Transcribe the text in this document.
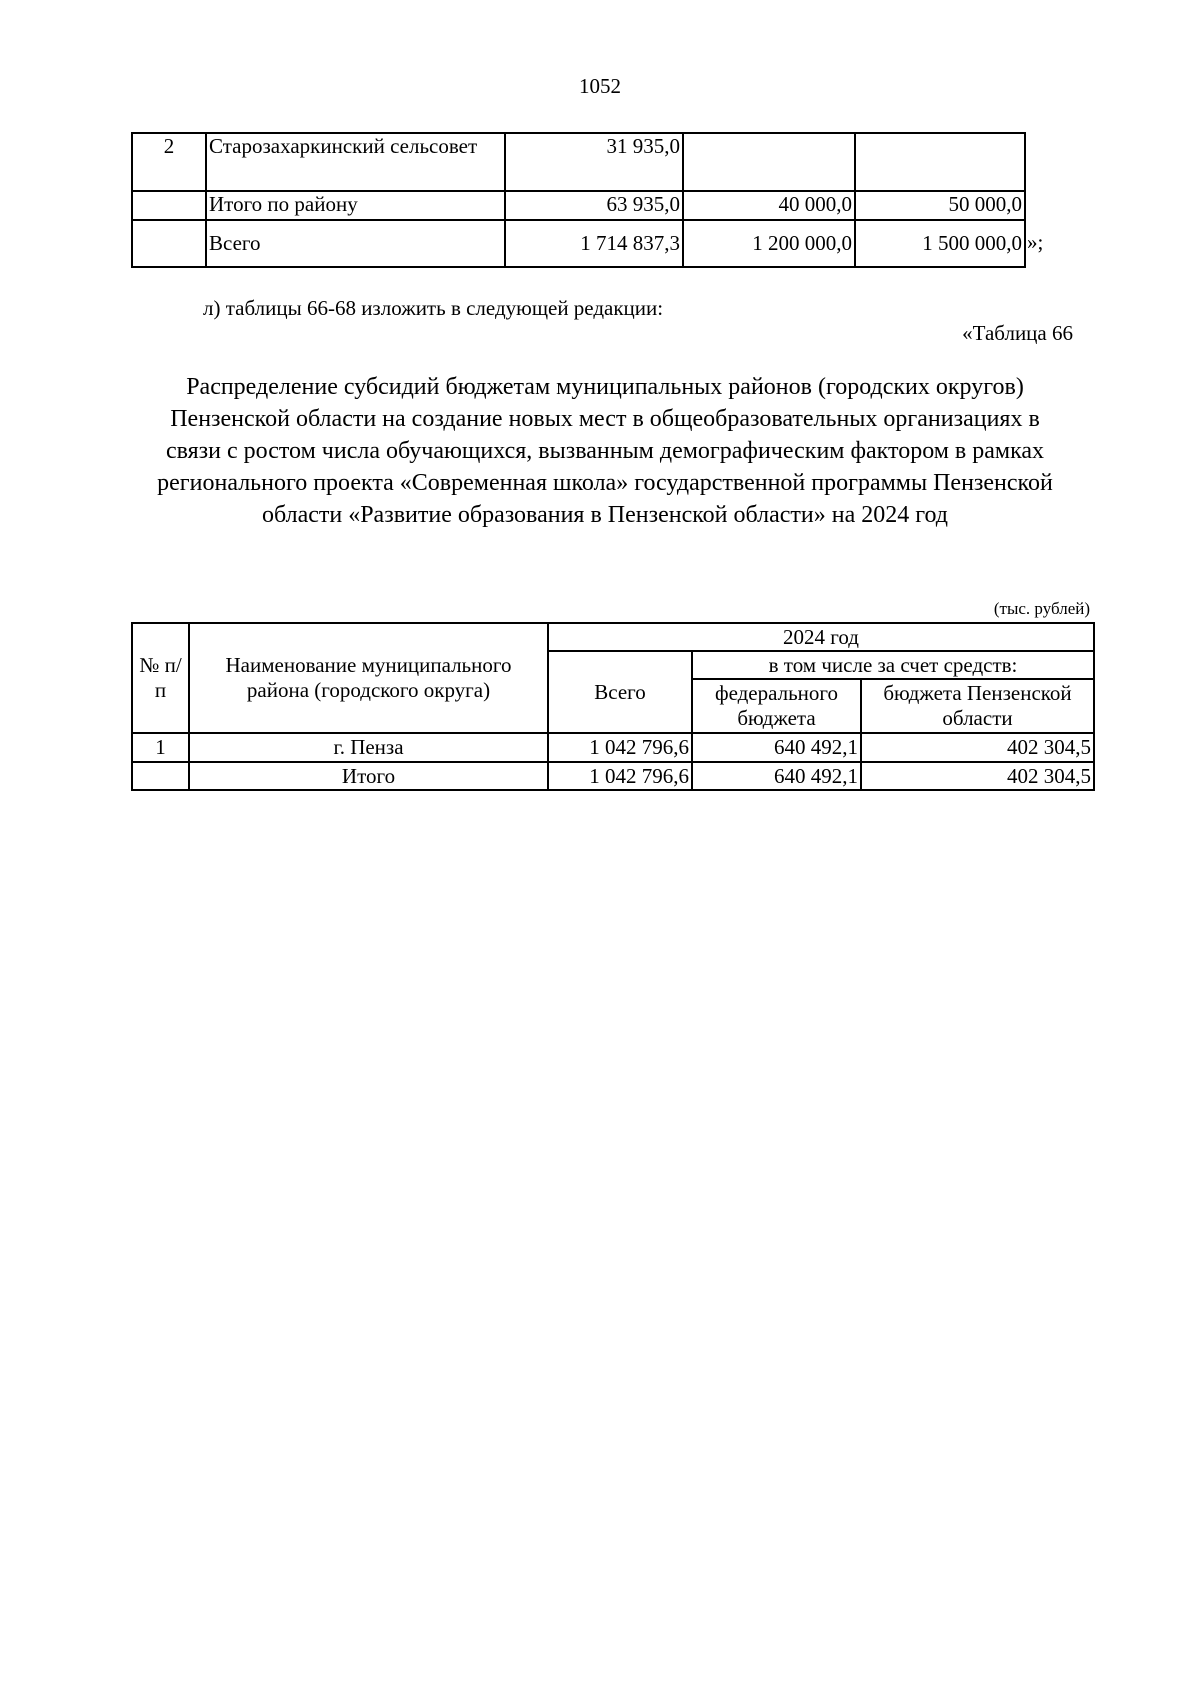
1052
2	Старозахаркинский сельсовет	31 935,0		
	Итого по району	63 935,0	40 000,0	50 000,0
	Всего	1 714 837,3	1 200 000,0	1 500 000,0 »;
л) таблицы 66-68 изложить в следующей редакции:
«Таблица 66
Распределение субсидий бюджетам муниципальных районов (городских округов) Пензенской области на создание новых мест в общеобразовательных организациях в связи с ростом числа обучающихся, вызванным демографическим фактором в рамках регионального проекта «Современная школа» государственной программы Пензенской области «Развитие образования в Пензенской области» на 2024 год
(тыс. рублей)
№ п/п	Наименование муниципального района (городского округа)	2024 год		
		Всего	в том числе за счет средств:	
			федерального бюджета	бюджета Пензенской области
1	г. Пенза	1 042 796,6	640 492,1	402 304,5
	Итого	1 042 796,6	640 492,1	402 304,5
